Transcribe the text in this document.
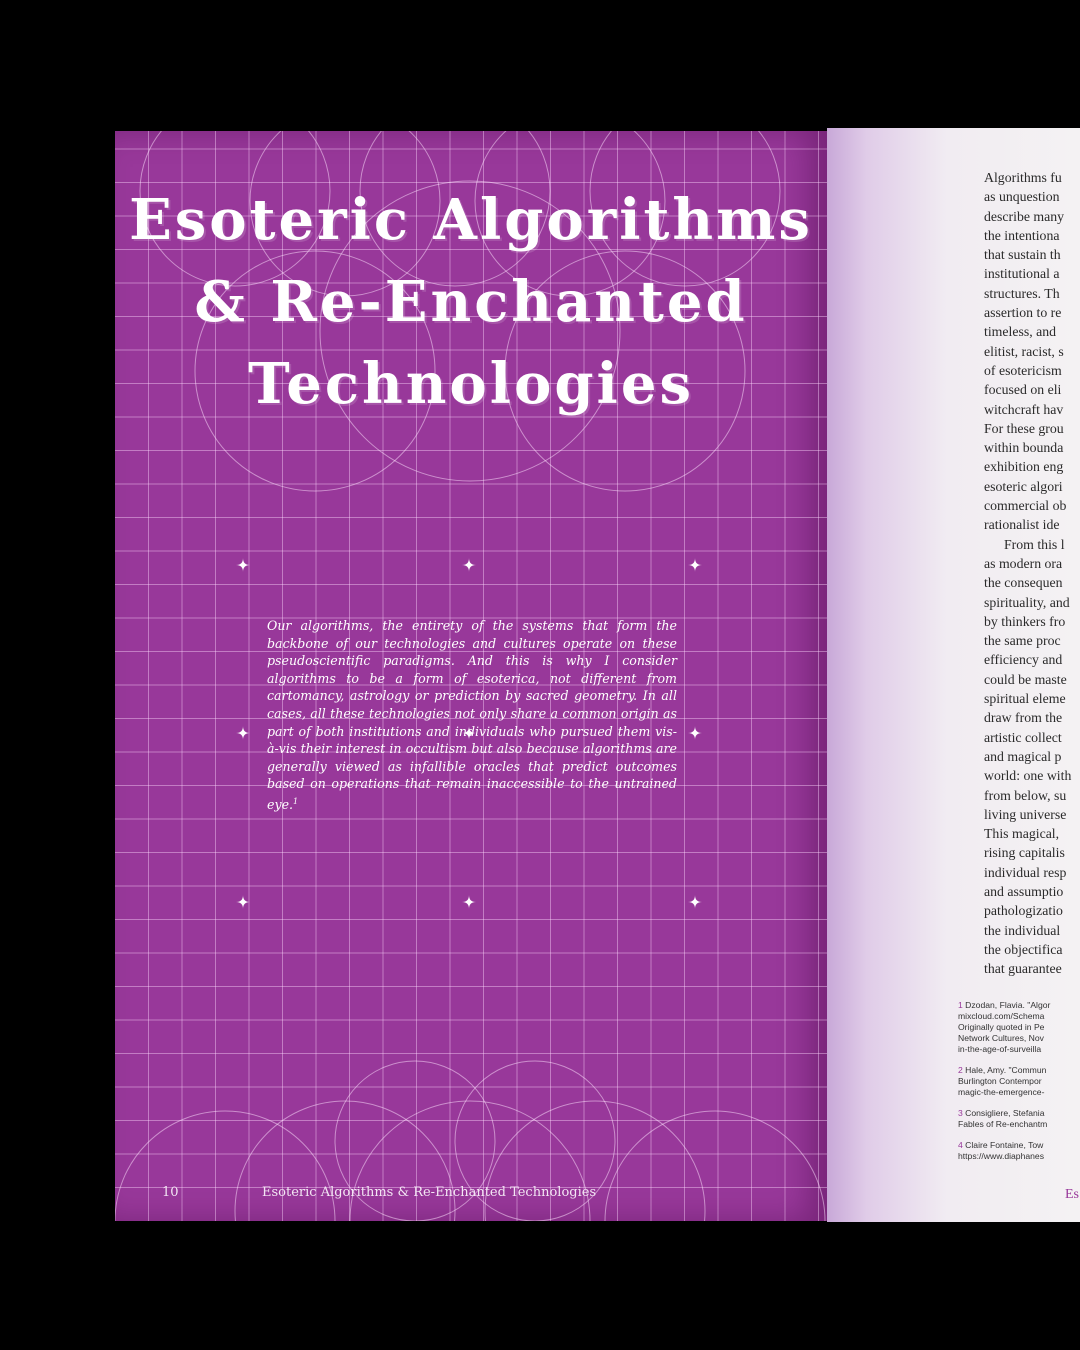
Esoteric Algorithms
& Re-Enchanted
Technologies

Our algorithms, the entirety of the systems that form the backbone of our technologies and cultures operate on these pseudoscientific paradigms. And this is why I consider algorithms to be a form of esoterica, not different from cartomancy, astrology or prediction by sacred geometry. In all cases, all these technologies not only share a common origin as part of both institutions and individuals who pursued them vis-à-vis their interest in occultism but also because algorithms are generally viewed as infallible oracles that predict outcomes based on operations that remain inaccessible to the untrained eye.$^1$

10	Esoteric Algorithms & Re-Enchanted Technologies
Algorithms fu
as unquestion
describe many
the intentiona
that sustain th
institutional a
structures. Th
assertion to re
timeless, and
elitist, racist, s
of esotericism
focused on eli
witchcraft hav
For these grou
within bounda
exhibition eng
esoteric algori
commercial ob
rationalist ide
From this l
as modern ora
the consequen
spirituality, and
by thinkers fro
the same proc
efficiency and
could be maste
spiritual eleme
draw from the
artistic collect
and magical p
world: one with
from below, su
living universe
This magical,
rising capitalis
individual resp
and assumptio
pathologizatio
the individual
the objectifica
that guarantee
1 Dzodan, Flavia. "Algor
mixcloud.com/Schema
Originally quoted in Pe
Network Cultures, Nov
in-the-age-of-surveilla
2 Hale, Amy. "Commun
Burlington Contempor
magic-the-emergence-
3 Consigliere, Stefania
Fables of Re-enchantm
4 Claire Fontaine, Tow
https://www.diaphanes
Es
